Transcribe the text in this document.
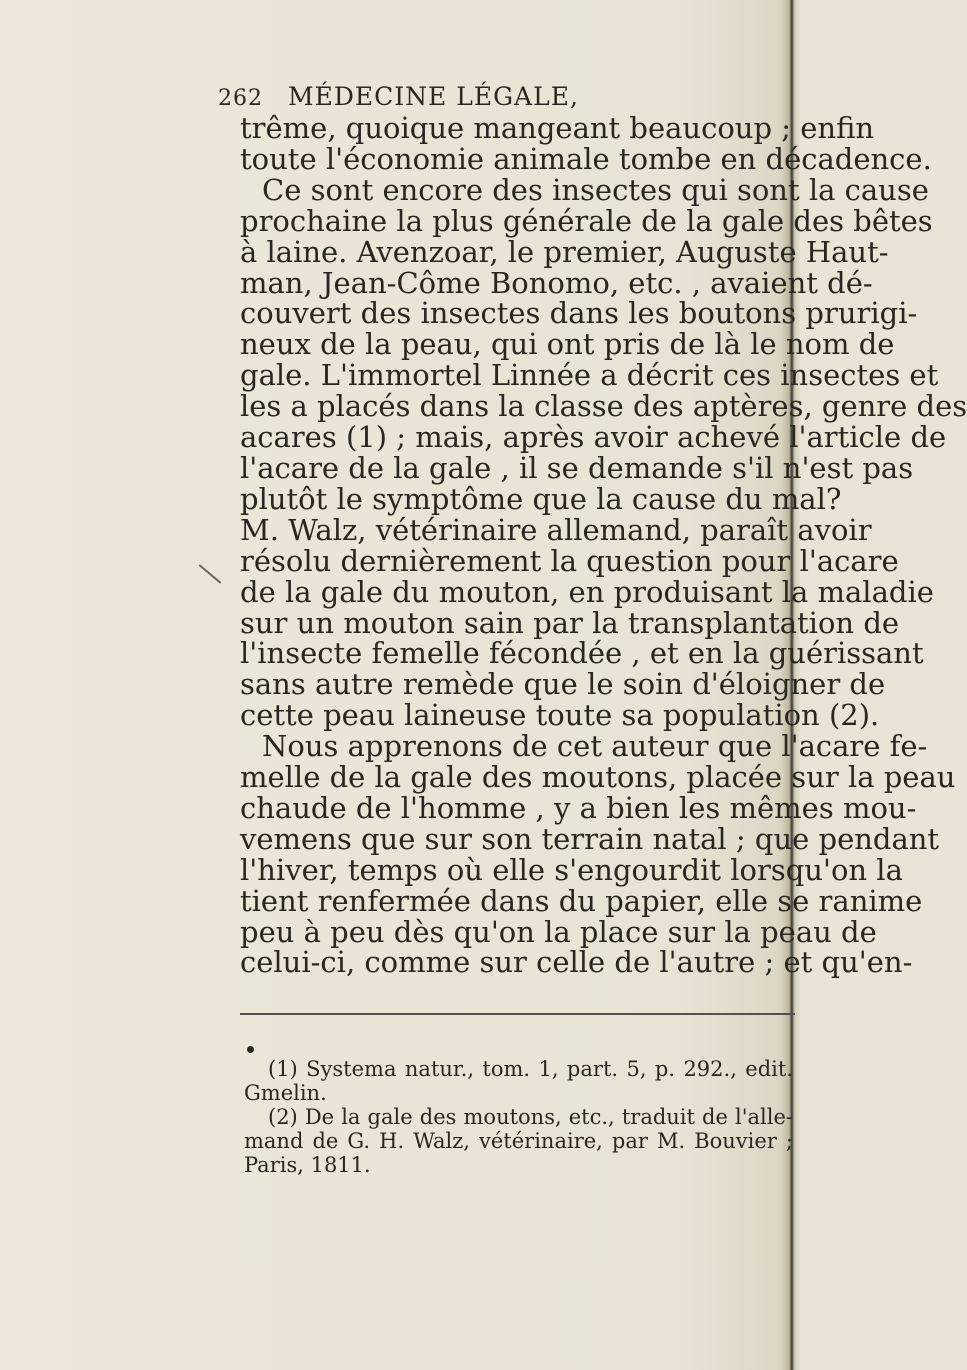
262 MÉDECINE LÉGALE,
trême, quoique mangeant beaucoup ; enfin
toute l'économie animale tombe en décadence.
Ce sont encore des insectes qui sont la cause
prochaine la plus générale de la gale des bêtes
à laine. Avenzoar, le premier, Auguste Haut-
man, Jean-Côme Bonomo, etc. , avaient dé-
couvert des insectes dans les boutons prurigi-
neux de la peau, qui ont pris de là le nom de
gale. L'immortel Linnée a décrit ces insectes et
les a placés dans la classe des aptères, genre des
acares (1) ; mais, après avoir achevé l'article de
l'acare de la gale , il se demande s'il n'est pas
plutôt le symptôme que la cause du mal?
M. Walz, vétérinaire allemand, paraît avoir
résolu dernièrement la question pour l'acare
de la gale du mouton, en produisant la maladie
sur un mouton sain par la transplantation de
l'insecte femelle fécondée , et en la guérissant
sans autre remède que le soin d'éloigner de
cette peau laineuse toute sa population (2).
Nous apprenons de cet auteur que l'acare fe-
melle de la gale des moutons, placée sur la peau
chaude de l'homme , y a bien les mêmes mou-
vemens que sur son terrain natal ; que pendant
l'hiver, temps où elle s'engourdit lorsqu'on la
tient renfermée dans du papier, elle se ranime
peu à peu dès qu'on la place sur la peau de
celui-ci, comme sur celle de l'autre ; et qu'en-
(1) Systema natur., tom. 1, part. 5, p. 292., edit.
Gmelin.
(2) De la gale des moutons, etc., traduit de l'alle-
mand de G. H. Walz, vétérinaire, par M. Bouvier ;
Paris, 1811.
